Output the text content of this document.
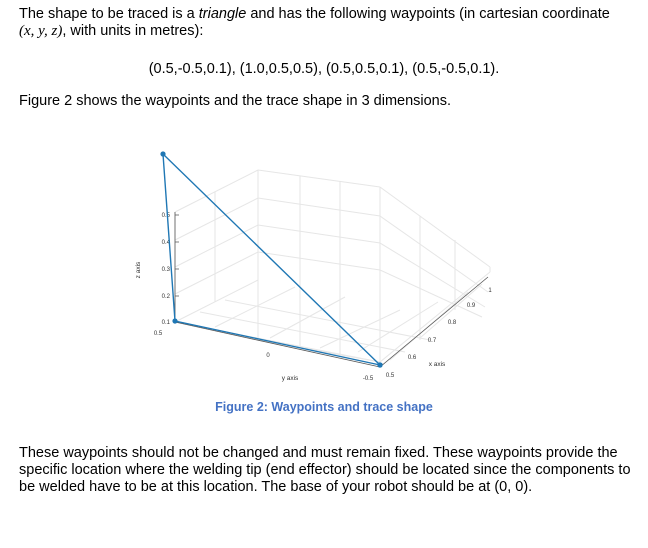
The shape to be traced is a triangle and has the following waypoints (in cartesian coordinate (x, y, z), with units in metres):

(0.5,-0.5,0.1), (1.0,0.5,0.5), (0.5,0.5,0.1), (0.5,-0.5,0.1).

Figure 2 shows the waypoints and the trace shape in 3 dimensions.

0.5
0.4
0.3
0.2
0.1
z axis
0.5
0
-0.5
y axis	0.5
0.6
0.7
0.8
0.9
1
x axis

Figure 2: Waypoints and trace shape

These waypoints should not be changed and must remain fixed. These waypoints provide the specific location where the welding tip (end effector) should be located since the components to be welded have to be at this location. The base of your robot should be at (0, 0).
